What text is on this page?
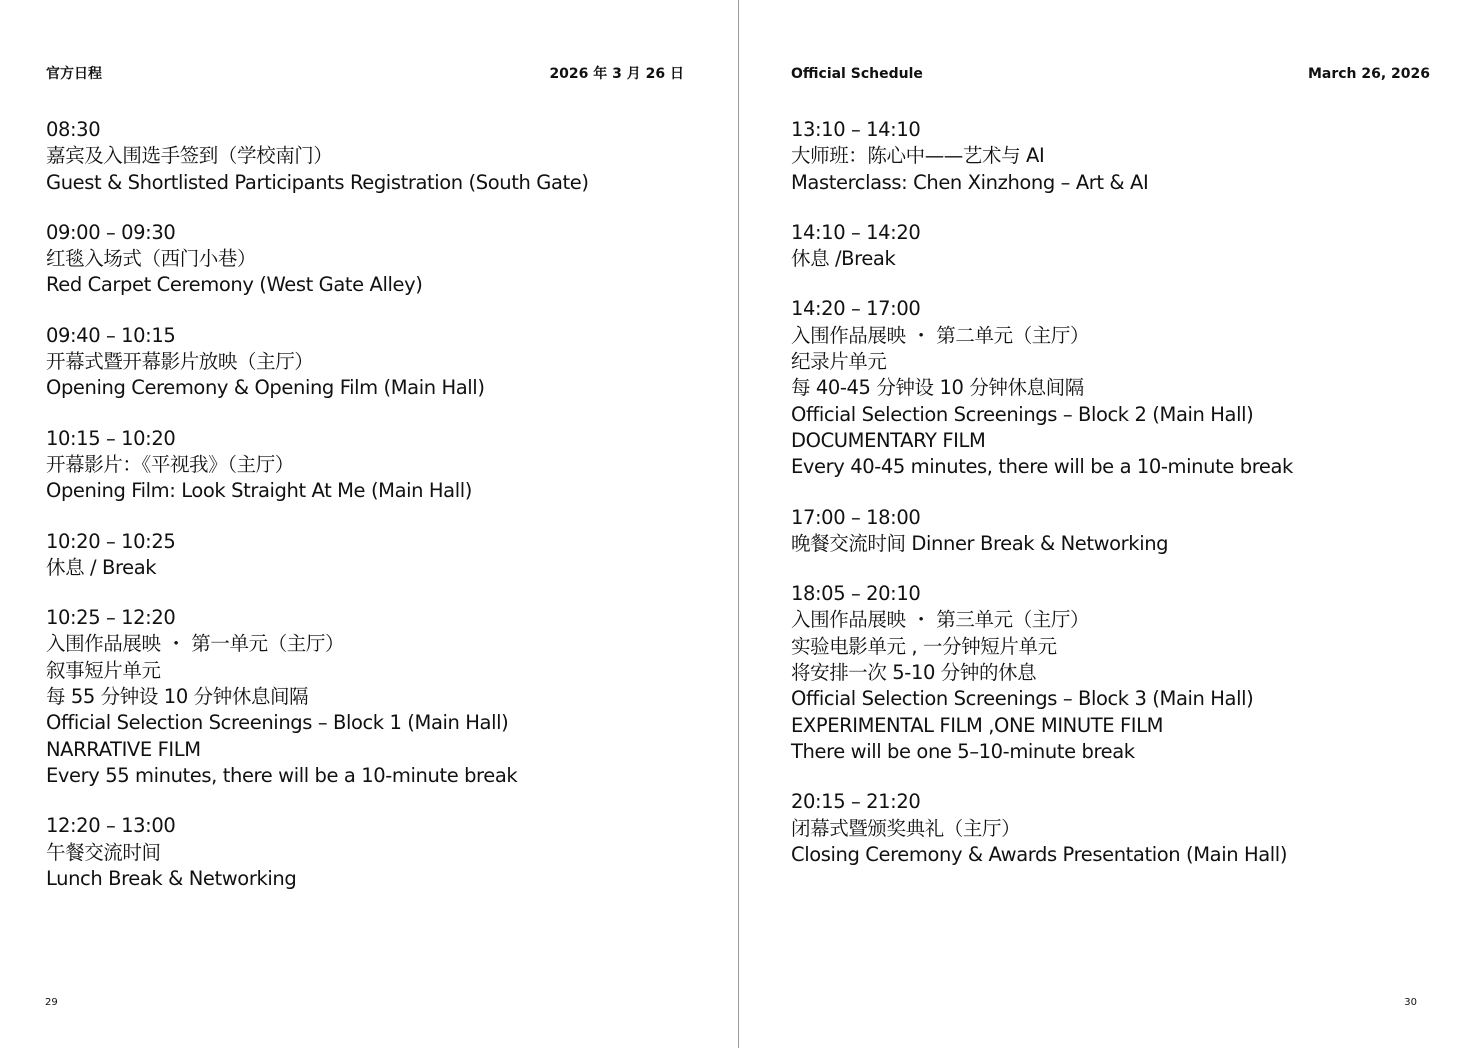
官方日程	2026 年 3 月 26 日
08:30
嘉宾及入围选手签到（学校南门）
Guest & Shortlisted Participants Registration (South Gate)
09:00 – 09:30
红毯入场式（西门小巷）
Red Carpet Ceremony (West Gate Alley)
09:40 – 10:15
开幕式暨开幕影片放映（主厅）
Opening Ceremony & Opening Film (Main Hall)
10:15 – 10:20
开幕影片：《平视我》（主厅）
Opening Film: Look Straight At Me (Main Hall)
10:20 – 10:25
休息 / Break
10:25 – 12:20
入围作品展映 ・ 第一单元（主厅）
叙事短片单元
每 55 分钟设 10 分钟休息间隔
Official Selection Screenings – Block 1 (Main Hall)
NARRATIVE FILM
Every 55 minutes, there will be a 10-minute break
12:20 – 13:00
午餐交流时间
Lunch Break & Networking
29
Official Schedule	March 26, 2026
13:10 – 14:10
大师班：陈心中——艺术与 AI
Masterclass: Chen Xinzhong – Art & AI
14:10 – 14:20
休息 /Break
14:20 – 17:00
入围作品展映 ・ 第二单元（主厅）
纪录片单元
每 40-45 分钟设 10 分钟休息间隔
Official Selection Screenings – Block 2 (Main Hall)
DOCUMENTARY FILM
Every 40-45 minutes, there will be a 10-minute break
17:00 – 18:00
晚餐交流时间 Dinner Break & Networking
18:05 – 20:10
入围作品展映 ・ 第三单元（主厅）
实验电影单元 , 一分钟短片单元
将安排一次 5-10 分钟的休息
Official Selection Screenings – Block 3 (Main Hall)
EXPERIMENTAL FILM ,ONE MINUTE FILM
There will be one 5–10-minute break
20:15 – 21:20
闭幕式暨颁奖典礼（主厅）
Closing Ceremony & Awards Presentation (Main Hall)
30
